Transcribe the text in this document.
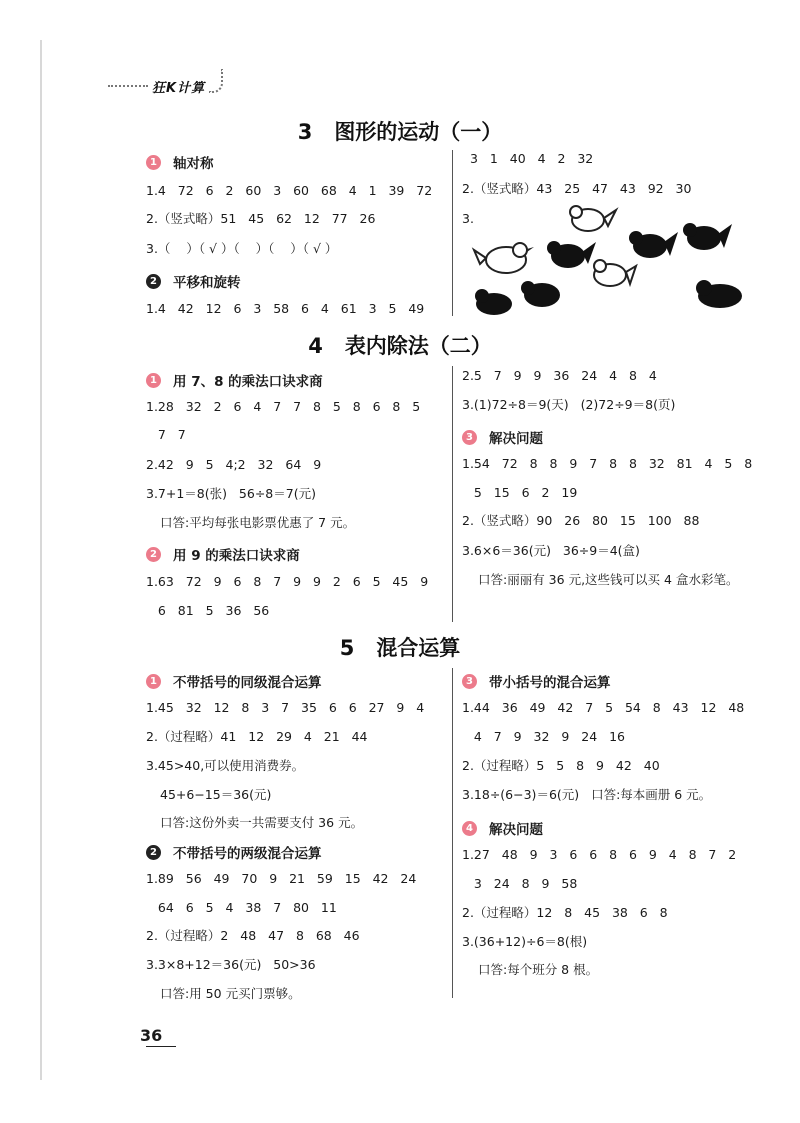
狂K计算
3 图形的运动（一）
1 轴对称
1.4   72   6   2   60   3   60   68   4   1   39   72
2.（竖式略）51   45   62   12   77   26
3.（    ）（ √ ）（    ）（    ）（ √ ）
2 平移和旋转
1.4   42   12   6   3   58   6   4   61   3   5   49
3   1   40   4   2   32
2.（竖式略）43   25   47   43   92   30
3.
4 表内除法（二）
1 用 7、8 的乘法口诀求商
1.28   32   2   6   4   7   7   8   5   8   6   8   5
7   7
2.42   9   5   4;2   32   64   9
3.7+1＝8(张)   56÷8＝7(元)
口答:平均每张电影票优惠了 7 元。
2 用 9 的乘法口诀求商
1.63   72   9   6   8   7   9   9   2   6   5   45   9
6   81   5   36   56
2.5   7   9   9   36   24   4   8   4
3.(1)72÷8＝9(天)   (2)72÷9＝8(页)
3 解决问题
1.54   72   8   8   9   7   8   8   32   81   4   5   8
5   15   6   2   19
2.（竖式略）90   26   80   15   100   88
3.6×6＝36(元)   36÷9＝4(盒)
口答:丽丽有 36 元,这些钱可以买 4 盒水彩笔。
5 混合运算
1 不带括号的同级混合运算
1.45   32   12   8   3   7   35   6   6   27   9   4
2.（过程略）41   12   29   4   21   44
3.45>40,可以使用消费券。
45+6−15＝36(元)
口答:这份外卖一共需要支付 36 元。
2 不带括号的两级混合运算
1.89   56   49   70   9   21   59   15   42   24
64   6   5   4   38   7   80   11
2.（过程略）2   48   47   8   68   46
3.3×8+12＝36(元)   50>36
口答:用 50 元买门票够。
3 带小括号的混合运算
1.44   36   49   42   7   5   54   8   43   12   48
4   7   9   32   9   24   16
2.（过程略）5   5   8   9   42   40
3.18÷(6−3)＝6(元)   口答:每本画册 6 元。
4 解决问题
1.27   48   9   3   6   6   8   6   9   4   8   7   2
3   24   8   9   58
2.（过程略）12   8   45   38   6   8
3.(36+12)÷6＝8(根)
口答:每个班分 8 根。
36
